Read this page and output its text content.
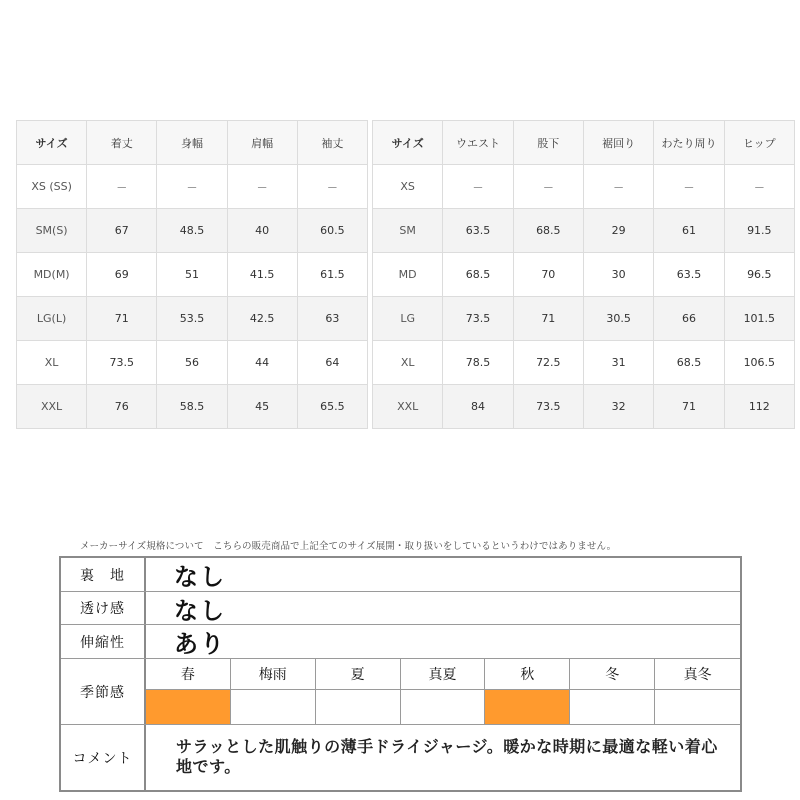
サイズ	着丈	身幅	肩幅	袖丈
XS (SS)	－	－	－	－
SM(S)	67	48.5	40	60.5
MD(M)	69	51	41.5	61.5
LG(L)	71	53.5	42.5	63
XL	73.5	56	44	64
XXL	76	58.5	45	65.5
サイズ	ウエスト	股下	裾回り	わたり周り	ヒップ
XS	－	－	－	－	－
SM	63.5	68.5	29	61	91.5
MD	68.5	70	30	63.5	96.5
LG	73.5	71	30.5	66	101.5
XL	78.5	72.5	31	68.5	106.5
XXL	84	73.5	32	71	112
メーカーサイズ規格について　こちらの販売商品で上記全てのサイズ展開・取り扱いをしているというわけではありません。
裏　地	なし
透け感	なし
伸縮性	あり
季節感
春	梅雨	夏	真夏	秋	冬	真冬
コメント
サラッとした肌触りの薄手ドライジャージ。暖かな時期に最適な軽い着心地です。
